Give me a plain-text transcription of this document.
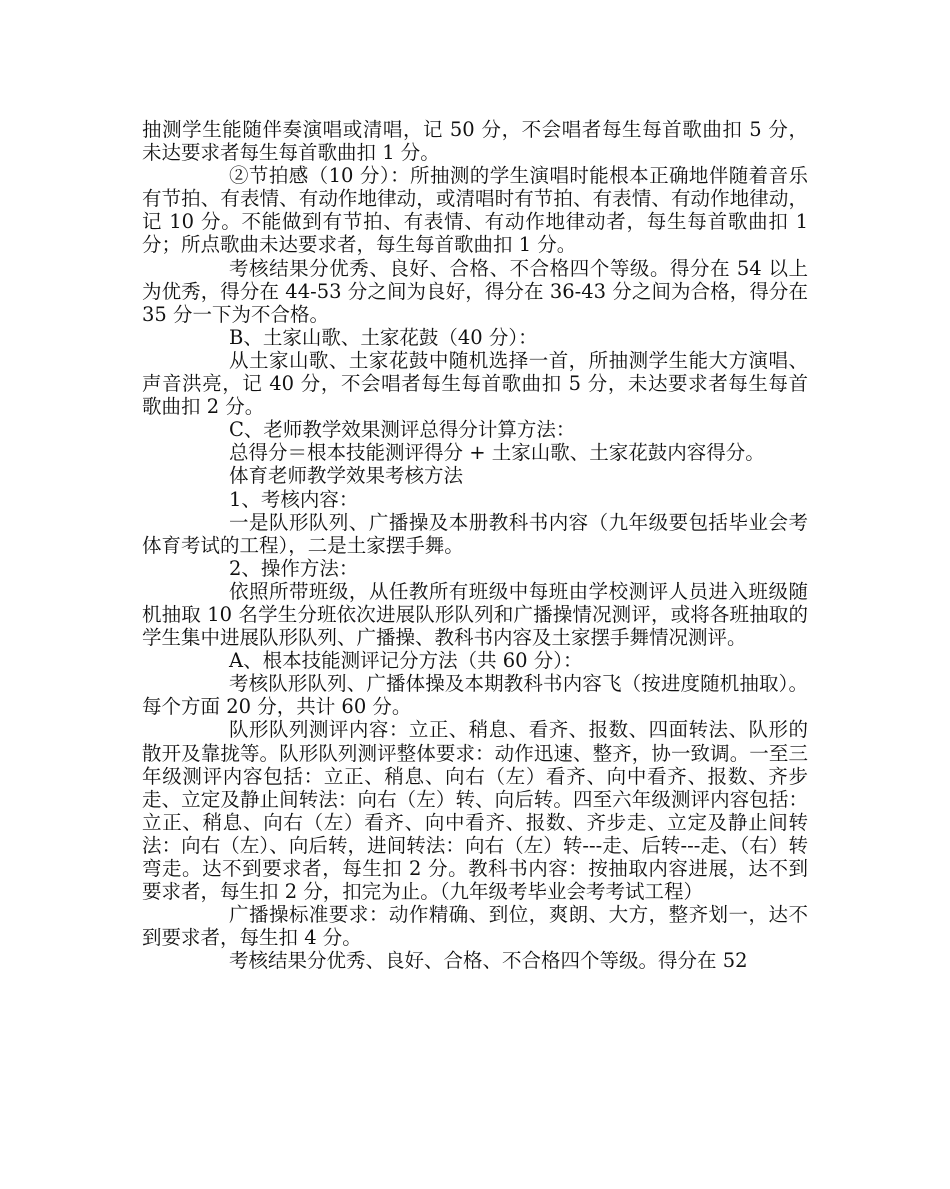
抽测学生能随伴奏演唱或清唱，记 50 分，不会唱者每生每首歌曲扣 5 分，未达要求者每生每首歌曲扣 1 分。

②节拍感（10 分）：所抽测的学生演唱时能根本正确地伴随着音乐有节拍、有表情、有动作地律动，或清唱时有节拍、有表情、有动作地律动，记 10 分。不能做到有节拍、有表情、有动作地律动者，每生每首歌曲扣 1 分；所点歌曲未达要求者，每生每首歌曲扣 1 分。

考核结果分优秀、良好、合格、不合格四个等级。得分在 54 以上为优秀，得分在 44-53 分之间为良好，得分在 36-43 分之间为合格，得分在 35 分一下为不合格。

B、土家山歌、土家花鼓（40 分）：

从土家山歌、土家花鼓中随机选择一首，所抽测学生能大方演唱、声音洪亮，记 40 分，不会唱者每生每首歌曲扣 5 分，未达要求者每生每首歌曲扣 2 分。

C、老师教学效果测评总得分计算方法：

总得分＝根本技能测评得分 + 土家山歌、土家花鼓内容得分。

体育老师教学效果考核方法

1、考核内容：

一是队形队列、广播操及本册教科书内容（九年级要包括毕业会考体育考试的工程），二是土家摆手舞。

2、操作方法：

依照所带班级，从任教所有班级中每班由学校测评人员进入班级随机抽取 10 名学生分班依次进展队形队列和广播操情况测评，或将各班抽取的学生集中进展队形队列、广播操、教科书内容及土家摆手舞情况测评。

A、根本技能测评记分方法（共 60 分）：

考核队形队列、广播体操及本期教科书内容飞（按进度随机抽取）。每个方面 20 分，共计 60 分。

队形队列测评内容：立正、稍息、看齐、报数、四面转法、队形的散开及靠拢等。队形队列测评整体要求：动作迅速、整齐，协一致调。一至三年级测评内容包括：立正、稍息、向右（左）看齐、向中看齐、报数、齐步走、立定及静止间转法：向右（左）转、向后转。四至六年级测评内容包括：立正、稍息、向右（左）看齐、向中看齐、报数、齐步走、立定及静止间转法：向右（左）、向后转，进间转法：向右（左）转---走、后转---走、（右）转弯走。达不到要求者，每生扣 2 分。教科书内容：按抽取内容进展，达不到要求者，每生扣 2 分，扣完为止。（九年级考毕业会考考试工程）

广播操标准要求：动作精确、到位，爽朗、大方，整齐划一，达不到要求者，每生扣 4 分。

考核结果分优秀、良好、合格、不合格四个等级。得分在 52
